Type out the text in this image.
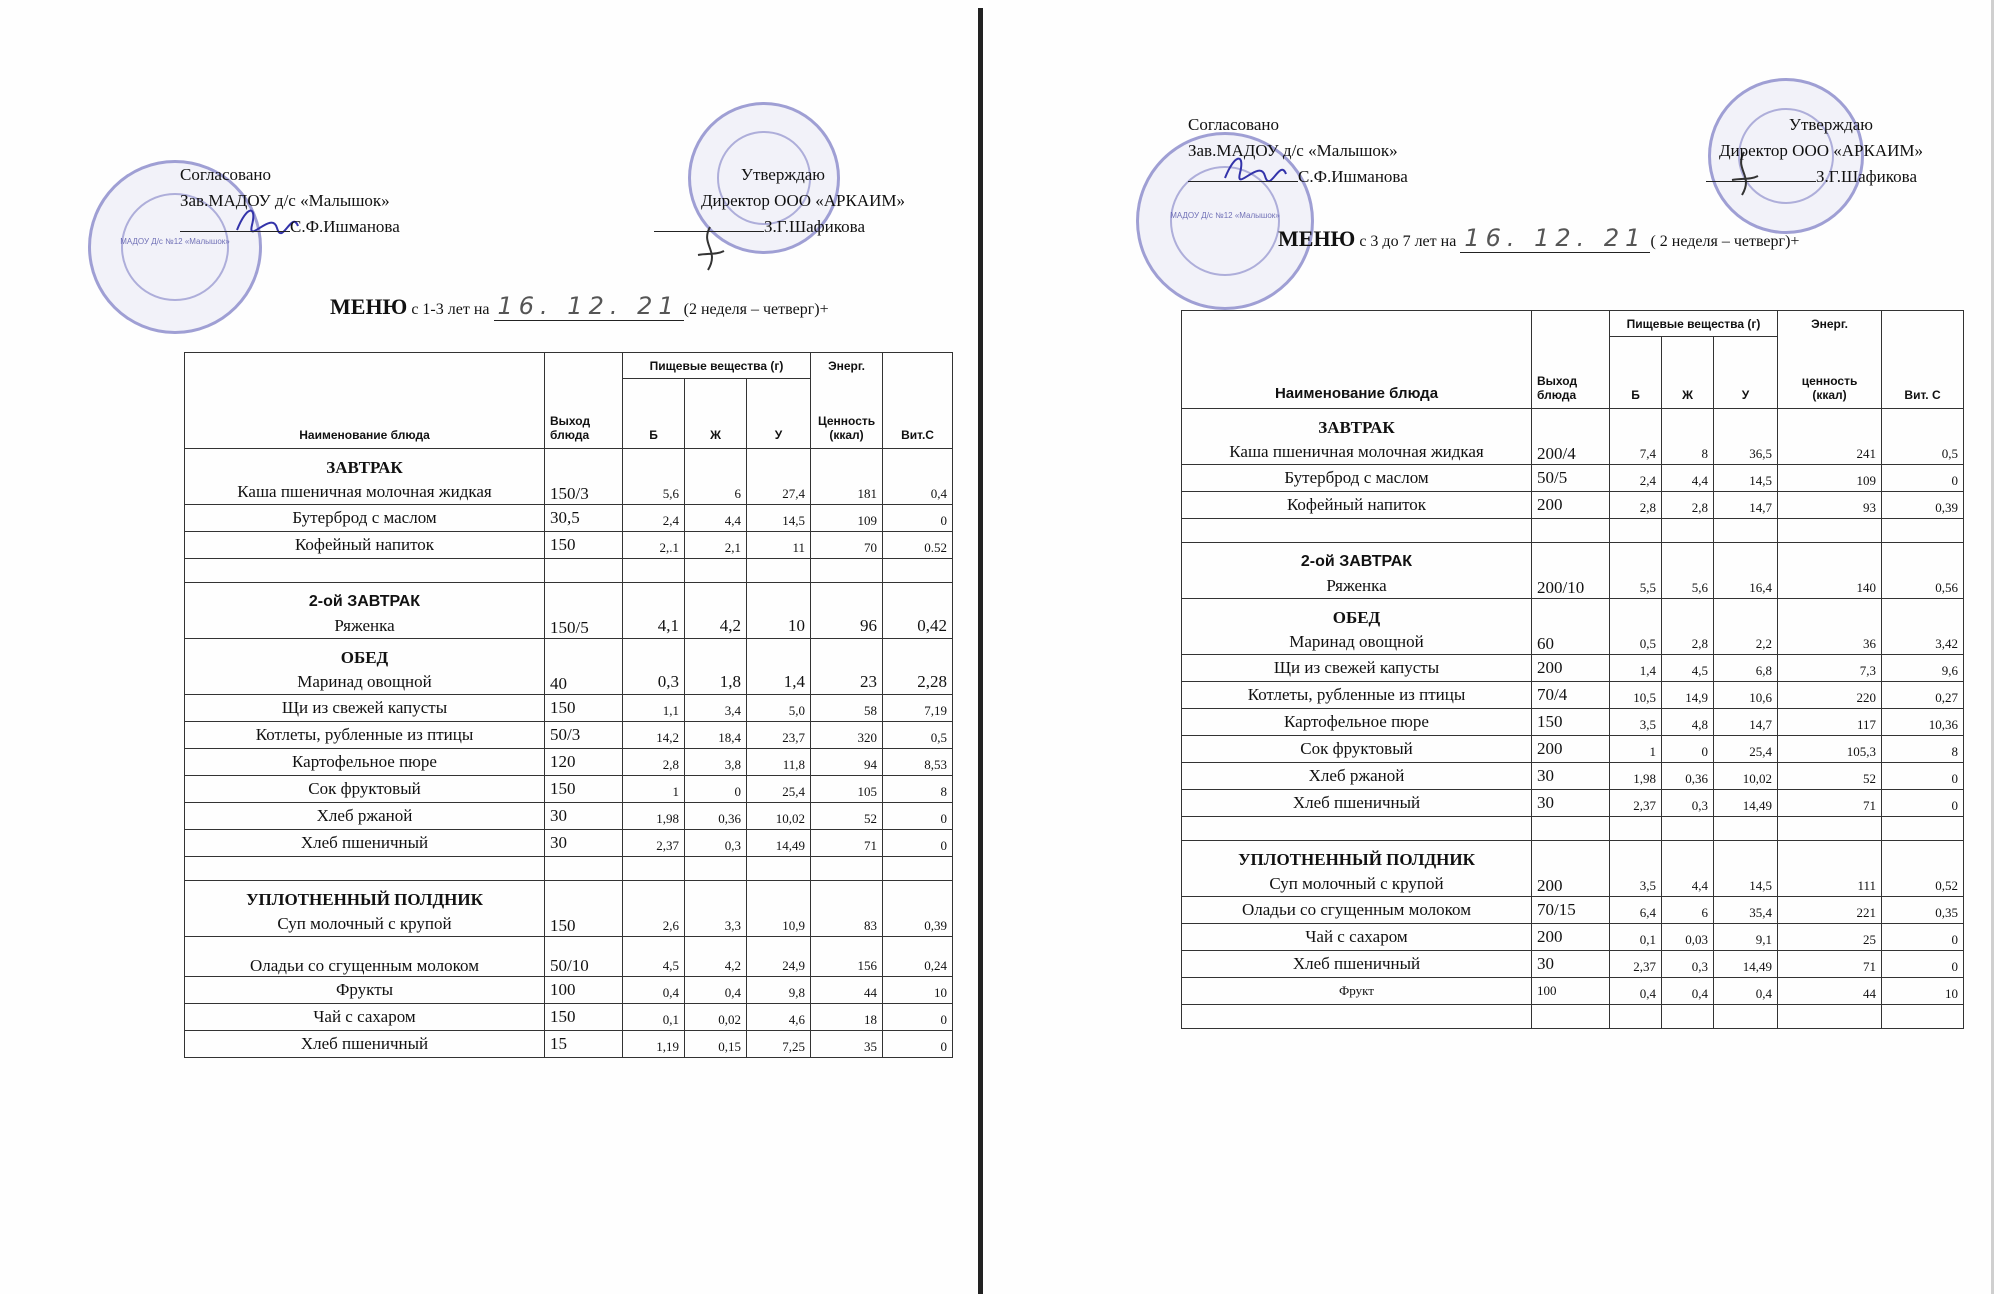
МАДОУ Д/с №12 «Малышок»
Согласовано
Зав.МАДОУ д/с «Малышок»
С.Ф.Ишманова
Утверждаю
Директор ООО «АРКАИМ»
З.Г.Шафикова
МЕНЮ с 1-3 лет на 16. 12. 21 (2 неделя – четверг)+
Наименование блюда	Выход блюда	Пищевые вещества (г)			Энерг.	Вит.С
		Б	Ж	У	Ценность (ккал)	

ЗАВТРАК
Каша пшеничная молочная жидкая	150/3	5,6	6	27,4	181	0,4
Бутерброд с маслом	30,5	2,4	4,4	14,5	109	0
Кофейный напиток	150	2,.1	2,1	11	70	0.52

2-ой ЗАВТРАК
Ряженка	150/5	4,1	4,2	10	96	0,42

ОБЕД
Маринад овощной	40	0,3	1,8	1,4	23	2,28
Щи из свежей капусты	150	1,1	3,4	5,0	58	7,19
Котлеты, рубленные из птицы	50/3	14,2	18,4	23,7	320	0,5
Картофельное пюре	120	2,8	3,8	11,8	94	8,53
Сок фруктовый	150	1	0	25,4	105	8
Хлеб ржаной	30	1,98	0,36	10,02	52	0
Хлеб пшеничный	30	2,37	0,3	14,49	71	0

УПЛОТНЕННЫЙ ПОЛДНИК
Суп молочный с крупой	150	2,6	3,3	10,9	83	0,39
Оладьи со сгущенным молоком	50/10	4,5	4,2	24,9	156	0,24
Фрукты	100	0,4	0,4	9,8	44	10
Чай с сахаром	150	0,1	0,02	4,6	18	0
Хлеб пшеничный	15	1,19	0,15	7,25	35	0
МАДОУ Д/с №12 «Малышок»
Согласовано
Зав.МАДОУ д/с «Малышок»
С.Ф.Ишманова
Утверждаю
Директор ООО «АРКАИМ»
З.Г.Шафикова
МЕНЮ с 3 до 7 лет на 16. 12. 21 ( 2 неделя – четверг)+
Наименование блюда	Выход блюда	Пищевые вещества (г)			Энерг.	Вит. С
		Б	Ж	У	ценность (ккал)	

ЗАВТРАК
Каша пшеничная молочная жидкая	200/4	7,4	8	36,5	241	0,5
Бутерброд с маслом	50/5	2,4	4,4	14,5	109	0
Кофейный напиток	200	2,8	2,8	14,7	93	0,39

2-ой ЗАВТРАК
Ряженка	200/10	5,5	5,6	16,4	140	0,56

ОБЕД
Маринад овощной	60	0,5	2,8	2,2	36	3,42
Щи из свежей капусты	200	1,4	4,5	6,8	7,3	9,6
Котлеты, рубленные из птицы	70/4	10,5	14,9	10,6	220	0,27
Картофельное пюре	150	3,5	4,8	14,7	117	10,36
Сок фруктовый	200	1	0	25,4	105,3	8
Хлеб ржаной	30	1,98	0,36	10,02	52	0
Хлеб пшеничный	30	2,37	0,3	14,49	71	0

УПЛОТНЕННЫЙ ПОЛДНИК
Суп молочный с крупой	200	3,5	4,4	14,5	111	0,52
Оладьи со сгущенным молоком	70/15	6,4	6	35,4	221	0,35
Чай с сахаром	200	0,1	0,03	9,1	25	0
Хлеб пшеничный	30	2,37	0,3	14,49	71	0
Фрукт	100	0,4	0,4	0,4	44	10
